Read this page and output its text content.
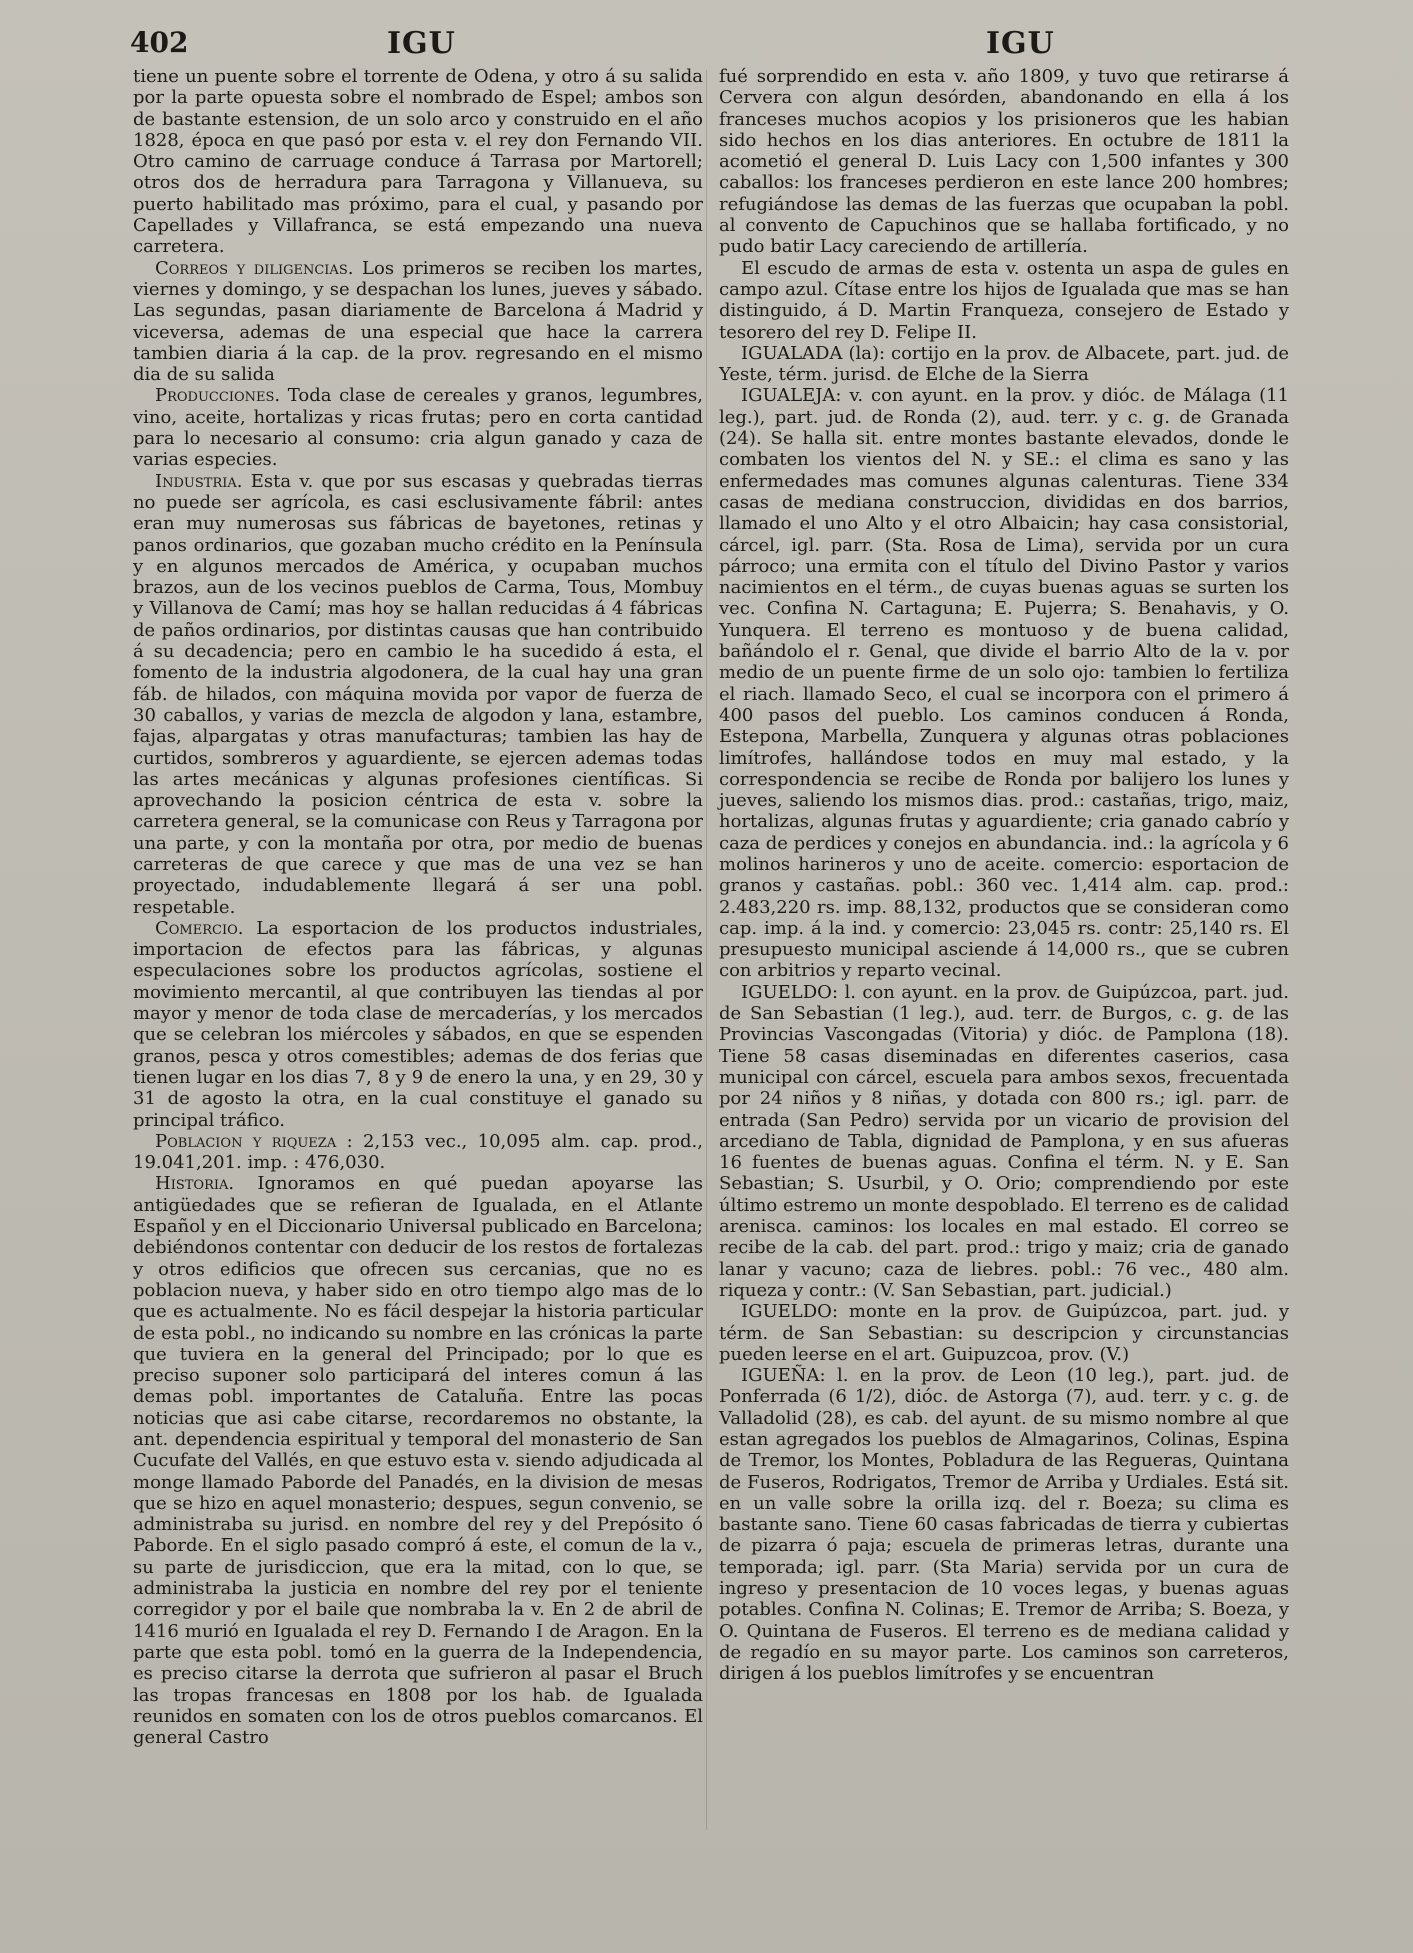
402	IGU	IGU

tiene un puente sobre el torrente de Odena, y otro á su salida por la parte opuesta sobre el nombrado de Espel; ambos son de bastante estension, de un solo arco y construido en el año 1828, época en que pasó por esta v. el rey don Fernando VII. Otro camino de carruage conduce á Tarrasa por Martorell; otros dos de herradura para Tarragona y Villanueva, su puerto habilitado mas próximo, para el cual, y pasando por Capellades y Villafranca, se está empezando una nueva carretera.

Correos y diligencias. Los primeros se reciben los martes, viernes y domingo, y se despachan los lunes, jueves y sábado. Las segundas, pasan diariamente de Barcelona á Madrid y viceversa, ademas de una especial que hace la carrera tambien diaria á la cap. de la prov. regresando en el mismo dia de su salida

Producciones. Toda clase de cereales y granos, legumbres, vino, aceite, hortalizas y ricas frutas; pero en corta cantidad para lo necesario al consumo: cria algun ganado y caza de varias especies.

Industria. Esta v. que por sus escasas y quebradas tierras no puede ser agrícola, es casi esclusivamente fábril: antes eran muy numerosas sus fábricas de bayetones, retinas y panos ordinarios, que gozaban mucho crédito en la Península y en algunos mercados de América, y ocupaban muchos brazos, aun de los vecinos pueblos de Carma, Tous, Mombuy y Villanova de Camí; mas hoy se hallan reducidas á 4 fábricas de paños ordinarios, por distintas causas que han contribuido á su decadencia; pero en cambio le ha sucedido á esta, el fomento de la industria algodonera, de la cual hay una gran fáb. de hilados, con máquina movida por vapor de fuerza de 30 caballos, y varias de mezcla de algodon y lana, estambre, fajas, alpargatas y otras manufacturas; tambien las hay de curtidos, sombreros y aguardiente, se ejercen ademas todas las artes mecánicas y algunas profesiones científicas. Si aprovechando la posicion céntrica de esta v. sobre la carretera general, se la comunicase con Reus y Tarragona por una parte, y con la montaña por otra, por medio de buenas carreteras de que carece y que mas de una vez se han proyectado, indudablemente llegará á ser una pobl. respetable.

Comercio. La esportacion de los productos industriales, importacion de efectos para las fábricas, y algunas especulaciones sobre los productos agrícolas, sostiene el movimiento mercantil, al que contribuyen las tiendas al por mayor y menor de toda clase de mercaderías, y los mercados que se celebran los miércoles y sábados, en que se espenden granos, pesca y otros comestibles; ademas de dos ferias que tienen lugar en los dias 7, 8 y 9 de enero la una, y en 29, 30 y 31 de agosto la otra, en la cual constituye el ganado su principal tráfico.

Poblacion y riqueza : 2,153 vec., 10,095 alm. cap. prod., 19.041,201. imp. : 476,030.

Historia. Ignoramos en qué puedan apoyarse las antigüedades que se refieran de Igualada, en el Atlante Español y en el Diccionario Universal publicado en Barcelona; debiéndonos contentar con deducir de los restos de fortalezas y otros edificios que ofrecen sus cercanias, que no es poblacion nueva, y haber sido en otro tiempo algo mas de lo que es actualmente. No es fácil despejar la historia particular de esta pobl., no indicando su nombre en las crónicas la parte que tuviera en la general del Principado; por lo que es preciso suponer solo participará del interes comun á las demas pobl. importantes de Cataluña. Entre las pocas noticias que asi cabe citarse, recordaremos no obstante, la ant. dependencia espiritual y temporal del monasterio de San Cucufate del Vallés, en que estuvo esta v. siendo adjudicada al monge llamado Paborde del Panadés, en la division de mesas que se hizo en aquel monasterio; despues, segun convenio, se administraba su jurisd. en nombre del rey y del Prepósito ó Paborde. En el siglo pasado compró á este, el comun de la v., su parte de jurisdiccion, que era la mitad, con lo que, se administraba la justicia en nombre del rey por el teniente corregidor y por el baile que nombraba la v. En 2 de abril de 1416 murió en Igualada el rey D. Fernando I de Aragon. En la parte que esta pobl. tomó en la guerra de la Independencia, es preciso citarse la derrota que sufrieron al pasar el Bruch las tropas francesas en 1808 por los hab. de Igualada reunidos en somaten con los de otros pueblos comarcanos. El general Castro

fué sorprendido en esta v. año 1809, y tuvo que retirarse á Cervera con algun desórden, abandonando en ella á los franceses muchos acopios y los prisioneros que les habian sido hechos en los dias anteriores. En octubre de 1811 la acometió el general D. Luis Lacy con 1,500 infantes y 300 caballos: los franceses perdieron en este lance 200 hombres; refugiándose las demas de las fuerzas que ocupaban la pobl. al convento de Capuchinos que se hallaba fortificado, y no pudo batir Lacy careciendo de artillería.

El escudo de armas de esta v. ostenta un aspa de gules en campo azul. Cítase entre los hijos de Igualada que mas se han distinguido, á D. Martin Franqueza, consejero de Estado y tesorero del rey D. Felipe II.

IGUALADA (la): cortijo en la prov. de Albacete, part. jud. de Yeste, térm. jurisd. de Elche de la Sierra

IGUALEJA: v. con ayunt. en la prov. y dióc. de Málaga (11 leg.), part. jud. de Ronda (2), aud. terr. y c. g. de Granada (24). Se halla sit. entre montes bastante elevados, donde le combaten los vientos del N. y SE.: el clima es sano y las enfermedades mas comunes algunas calenturas. Tiene 334 casas de mediana construccion, divididas en dos barrios, llamado el uno Alto y el otro Albaicin; hay casa consistorial, cárcel, igl. parr. (Sta. Rosa de Lima), servida por un cura párroco; una ermita con el título del Divino Pastor y varios nacimientos en el térm., de cuyas buenas aguas se surten los vec. Confina N. Cartaguna; E. Pujerra; S. Benahavis, y O. Yunquera. El terreno es montuoso y de buena calidad, bañándolo el r. Genal, que divide el barrio Alto de la v. por medio de un puente firme de un solo ojo: tambien lo fertiliza el riach. llamado Seco, el cual se incorpora con el primero á 400 pasos del pueblo. Los caminos conducen á Ronda, Estepona, Marbella, Zunquera y algunas otras poblaciones limítrofes, hallándose todos en muy mal estado, y la correspondencia se recibe de Ronda por balijero los lunes y jueves, saliendo los mismos dias. prod.: castañas, trigo, maiz, hortalizas, algunas frutas y aguardiente; cria ganado cabrío y caza de perdices y conejos en abundancia. ind.: la agrícola y 6 molinos harineros y uno de aceite. comercio: esportacion de granos y castañas. pobl.: 360 vec. 1,414 alm. cap. prod.: 2.483,220 rs. imp. 88,132, productos que se consideran como cap. imp. á la ind. y comercio: 23,045 rs. contr: 25,140 rs. El presupuesto municipal asciende á 14,000 rs., que se cubren con arbitrios y reparto vecinal.

IGUELDO: l. con ayunt. en la prov. de Guipúzcoa, part. jud. de San Sebastian (1 leg.), aud. terr. de Burgos, c. g. de las Provincias Vascongadas (Vitoria) y dióc. de Pamplona (18). Tiene 58 casas diseminadas en diferentes caserios, casa municipal con cárcel, escuela para ambos sexos, frecuentada por 24 niños y 8 niñas, y dotada con 800 rs.; igl. parr. de entrada (San Pedro) servida por un vicario de provision del arcediano de Tabla, dignidad de Pamplona, y en sus afueras 16 fuentes de buenas aguas. Confina el térm. N. y E. San Sebastian; S. Usurbil, y O. Orio; comprendiendo por este último estremo un monte despoblado. El terreno es de calidad arenisca. caminos: los locales en mal estado. El correo se recibe de la cab. del part. prod.: trigo y maiz; cria de ganado lanar y vacuno; caza de liebres. pobl.: 76 vec., 480 alm. riqueza y contr.: (V. San Sebastian, part. judicial.)

IGUELDO: monte en la prov. de Guipúzcoa, part. jud. y térm. de San Sebastian: su descripcion y circunstancias pueden leerse en el art. Guipuzcoa, prov. (V.)

IGUEÑA: l. en la prov. de Leon (10 leg.), part. jud. de Ponferrada (6 1/2), dióc. de Astorga (7), aud. terr. y c. g. de Valladolid (28), es cab. del ayunt. de su mismo nombre al que estan agregados los pueblos de Almagarinos, Colinas, Espina de Tremor, los Montes, Pobladura de las Regueras, Quintana de Fuseros, Rodrigatos, Tremor de Arriba y Urdiales. Está sit. en un valle sobre la orilla izq. del r. Boeza; su clima es bastante sano. Tiene 60 casas fabricadas de tierra y cubiertas de pizarra ó paja; escuela de primeras letras, durante una temporada; igl. parr. (Sta Maria) servida por un cura de ingreso y presentacion de 10 voces legas, y buenas aguas potables. Confina N. Colinas; E. Tremor de Arriba; S. Boeza, y O. Quintana de Fuseros. El terreno es de mediana calidad y de regadío en su mayor parte. Los caminos son carreteros, dirigen á los pueblos limítrofes y se encuentran
